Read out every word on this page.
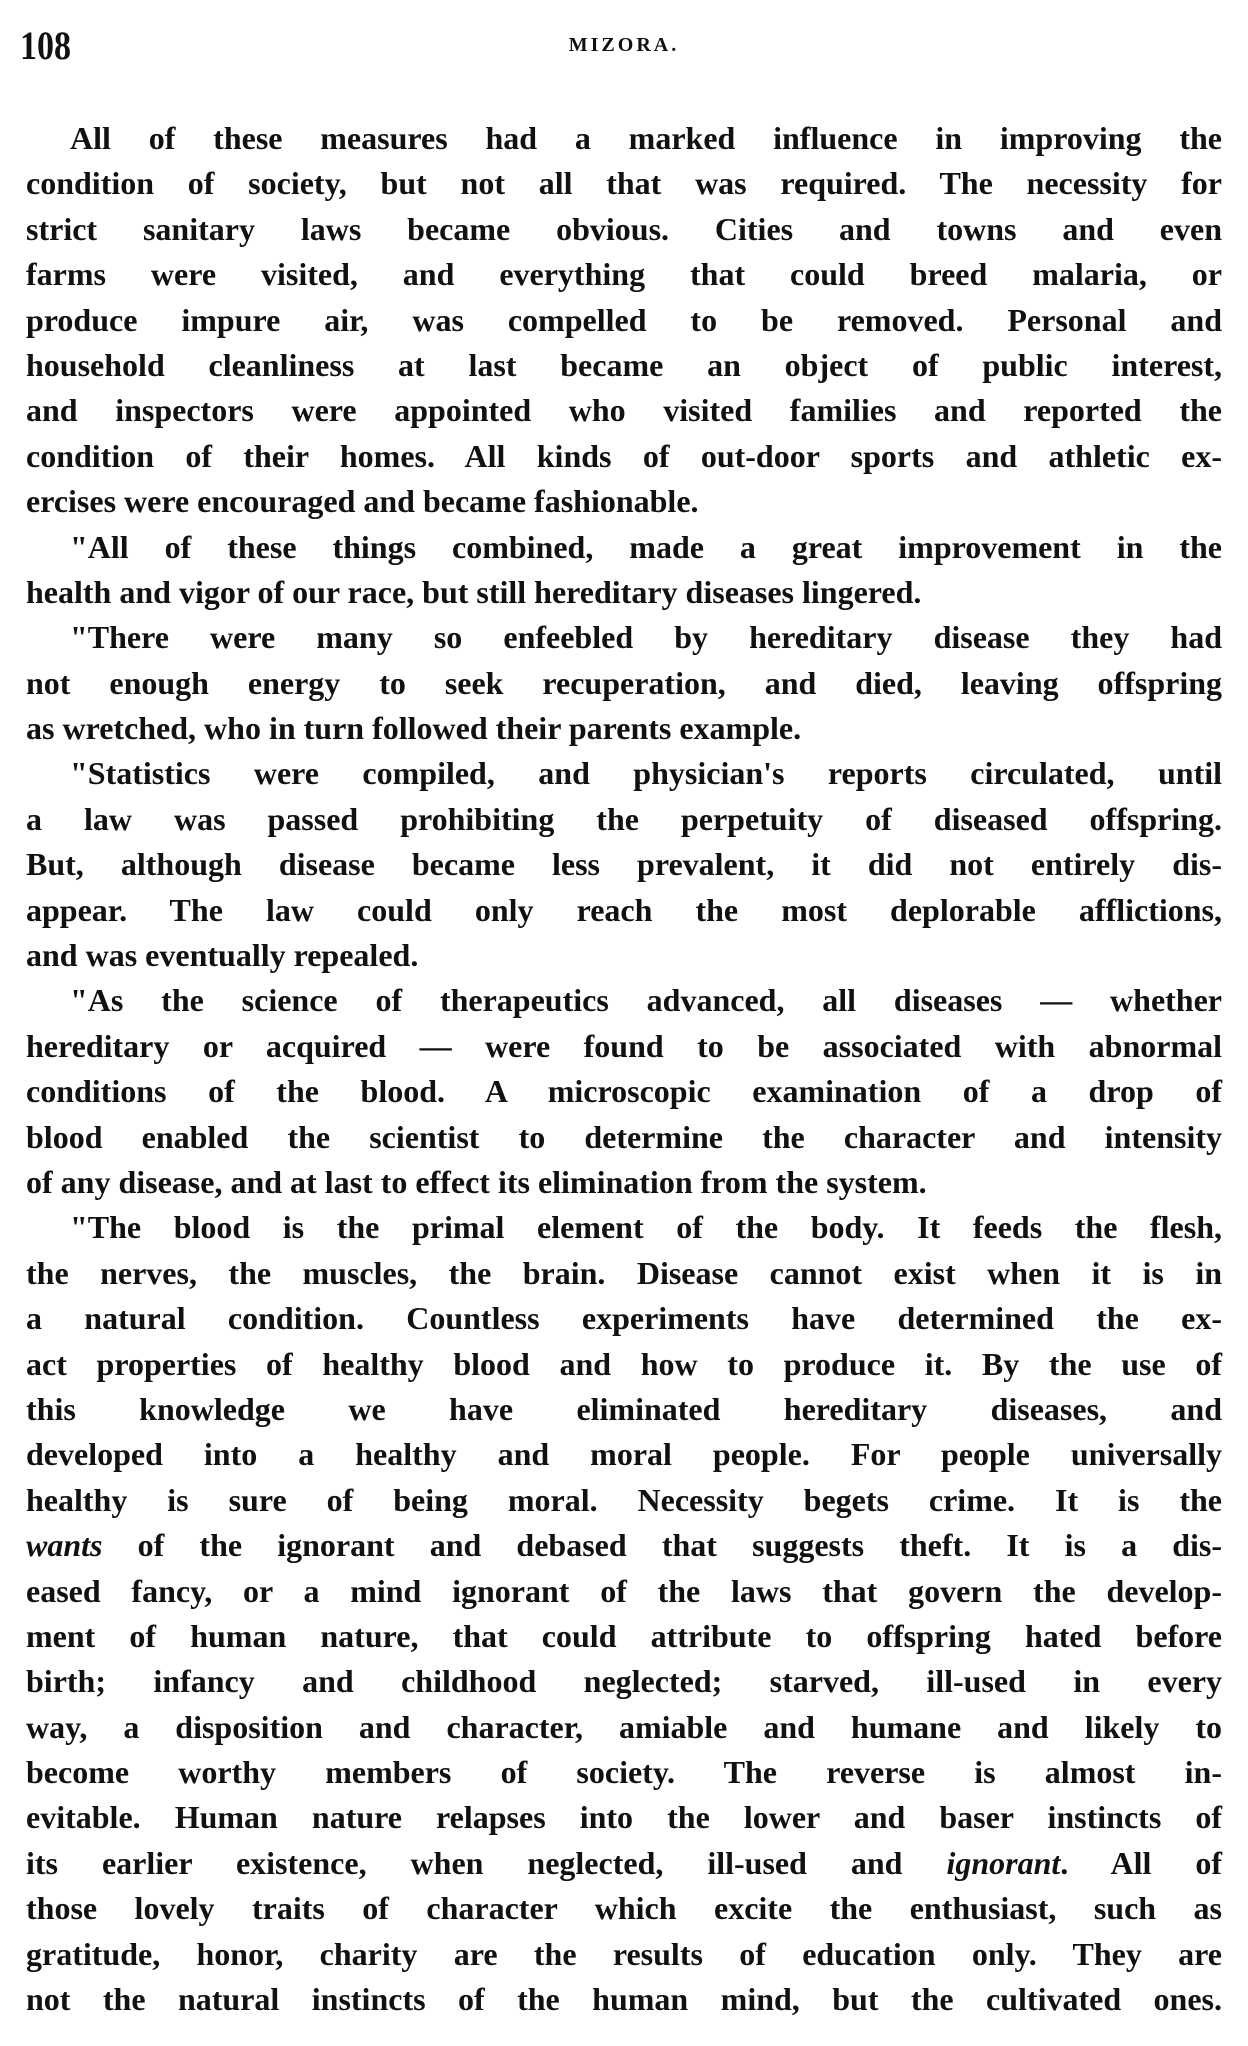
108	MIZORA.
All of these measures had a marked influence in improving the
condition of society, but not all that was required. The necessity for
strict sanitary laws became obvious. Cities and towns and even
farms were visited, and everything that could breed malaria, or
produce impure air, was compelled to be removed. Personal and
household cleanliness at last became an object of public interest,
and inspectors were appointed who visited families and reported the
condition of their homes. All kinds of out-door sports and athletic ex-
ercises were encouraged and became fashionable.
"All of these things combined, made a great improvement in the
health and vigor of our race, but still hereditary diseases lingered.
"There were many so enfeebled by hereditary disease they had
not enough energy to seek recuperation, and died, leaving offspring
as wretched, who in turn followed their parents example.
"Statistics were compiled, and physician's reports circulated, until
a law was passed prohibiting the perpetuity of diseased offspring.
But, although disease became less prevalent, it did not entirely dis-
appear. The law could only reach the most deplorable afflictions,
and was eventually repealed.
"As the science of therapeutics advanced, all diseases — whether
hereditary or acquired — were found to be associated with abnormal
conditions of the blood. A microscopic examination of a drop of
blood enabled the scientist to determine the character and intensity
of any disease, and at last to effect its elimination from the system.
"The blood is the primal element of the body. It feeds the flesh,
the nerves, the muscles, the brain. Disease cannot exist when it is in
a natural condition. Countless experiments have determined the ex-
act properties of healthy blood and how to produce it. By the use of
this knowledge we have eliminated hereditary diseases, and
developed into a healthy and moral people. For people universally
healthy is sure of being moral. Necessity begets crime. It is the
wants of the ignorant and debased that suggests theft. It is a dis-
eased fancy, or a mind ignorant of the laws that govern the develop-
ment of human nature, that could attribute to offspring hated before
birth; infancy and childhood neglected; starved, ill-used in every
way, a disposition and character, amiable and humane and likely to
become worthy members of society. The reverse is almost in-
evitable. Human nature relapses into the lower and baser instincts of
its earlier existence, when neglected, ill-used and ignorant. All of
those lovely traits of character which excite the enthusiast, such as
gratitude, honor, charity are the results of education only. They are
not the natural instincts of the human mind, but the cultivated ones.
